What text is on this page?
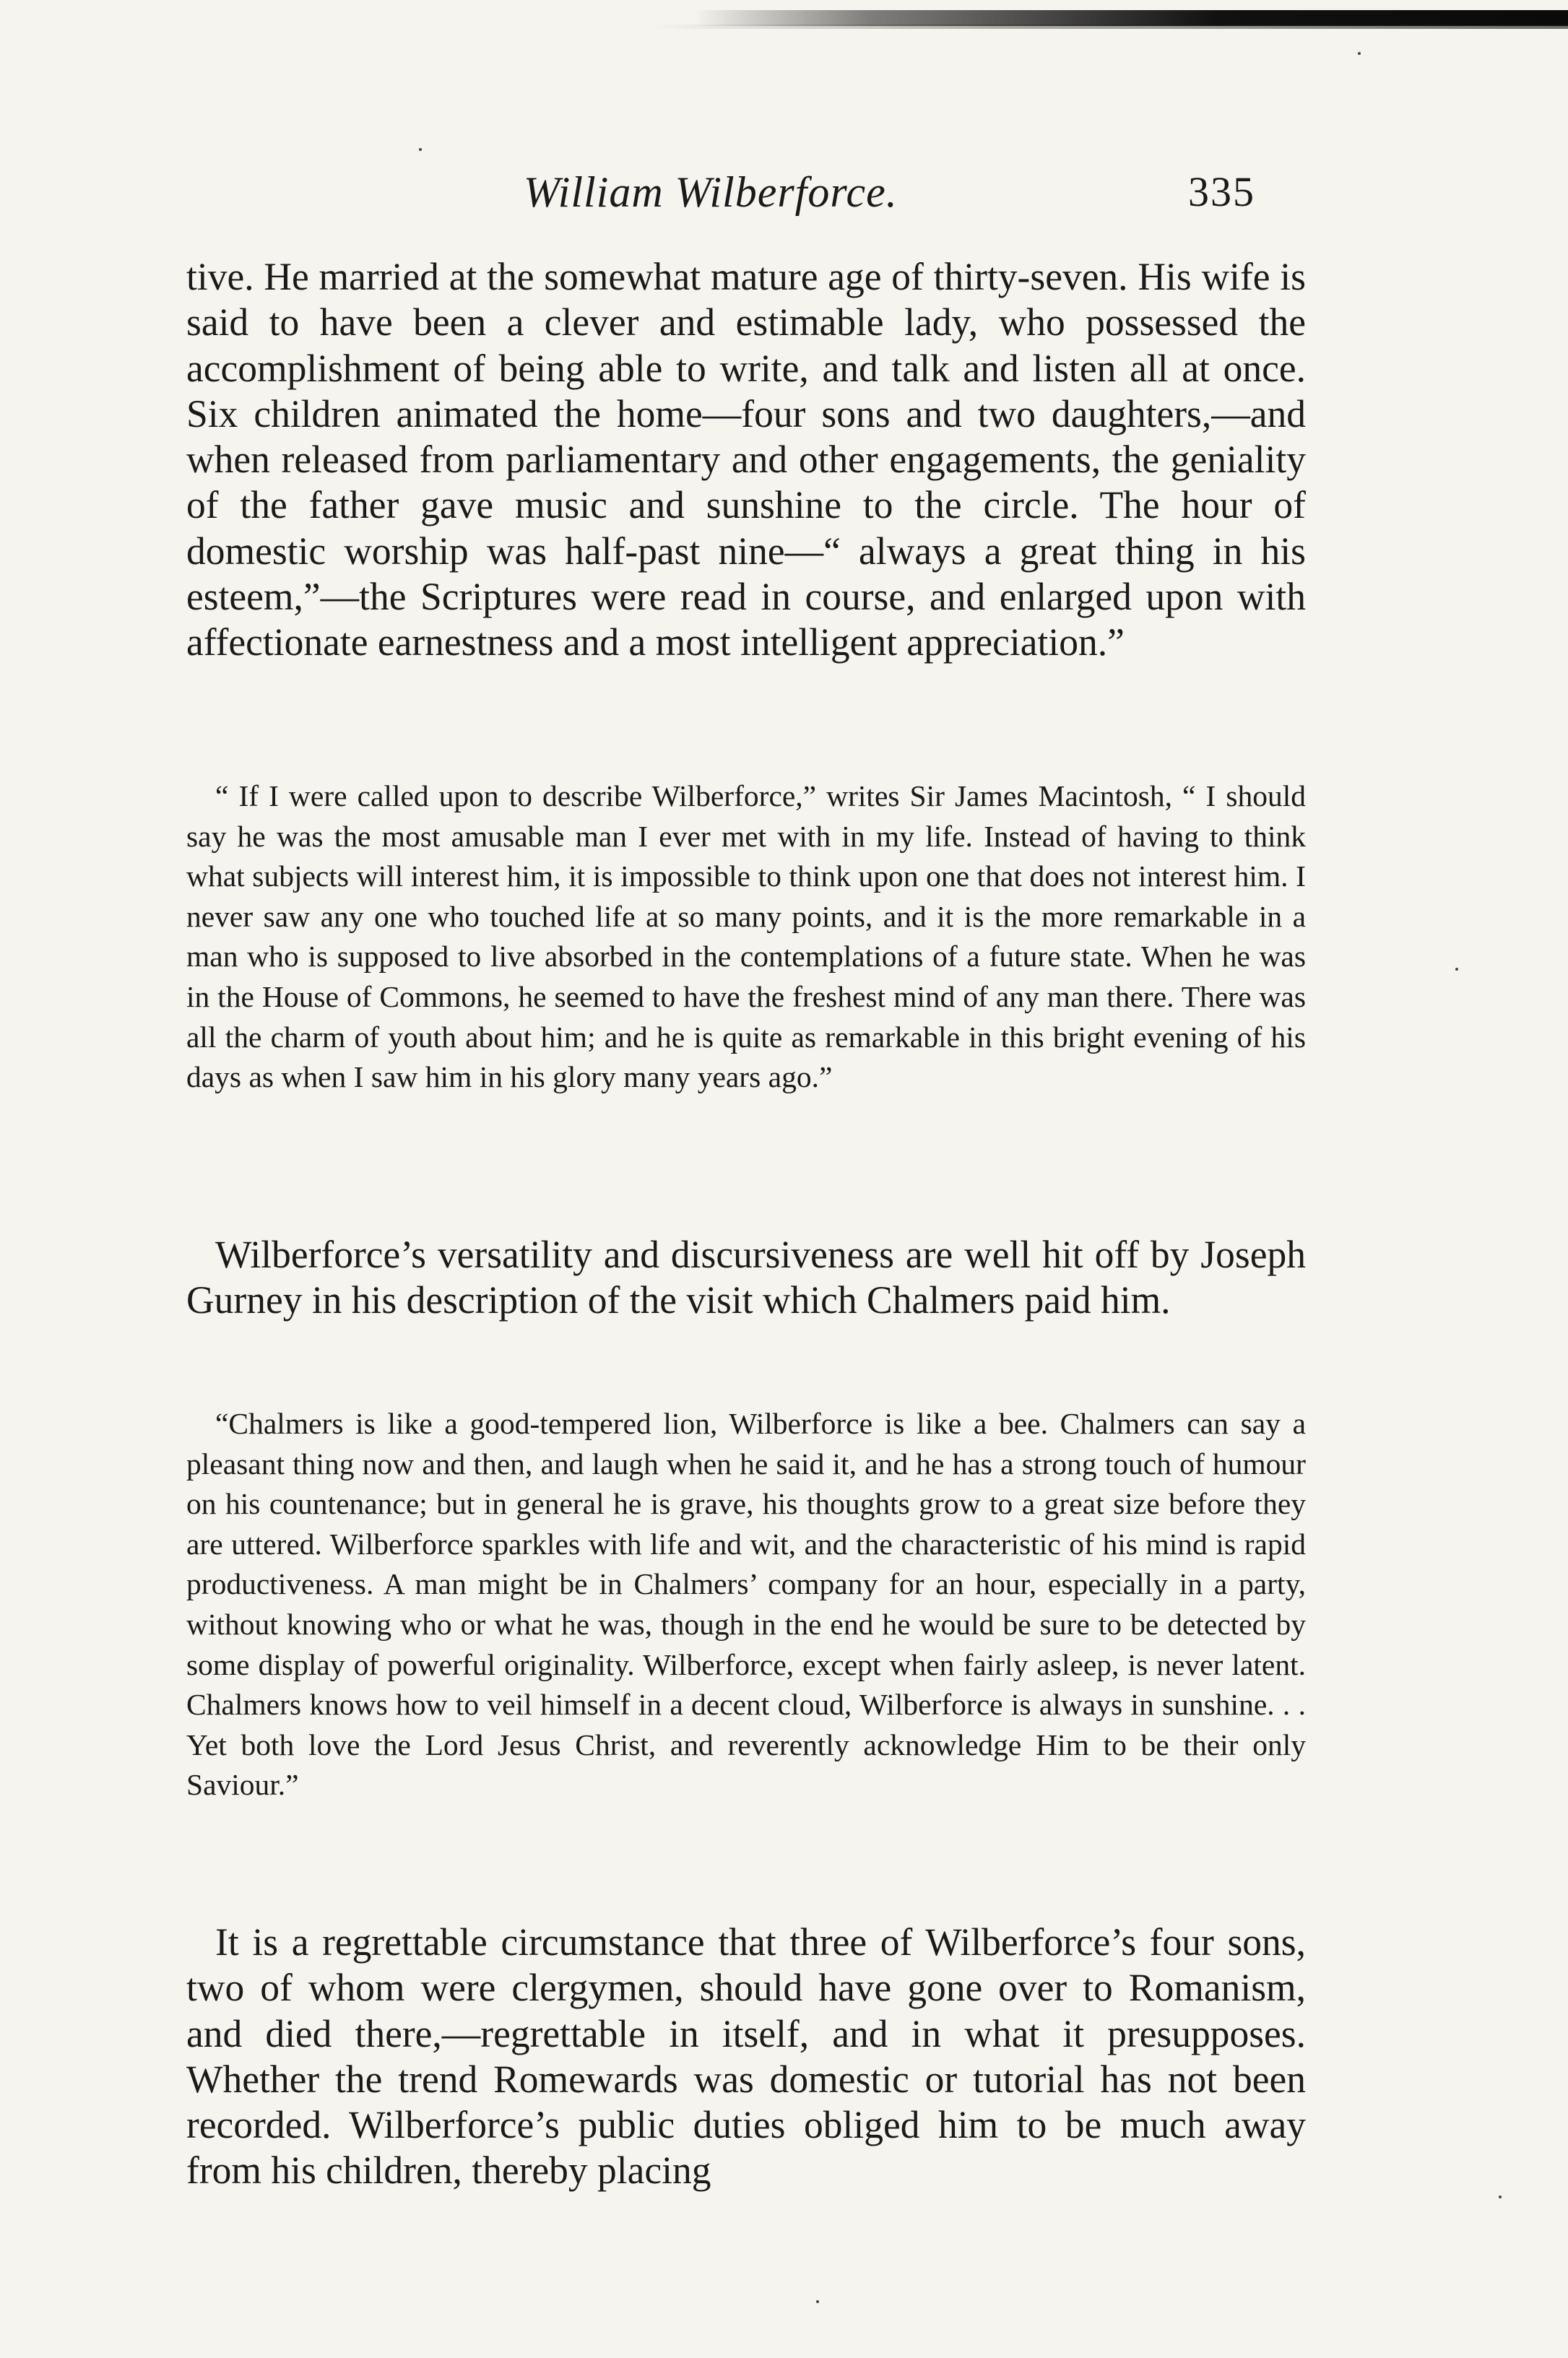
William Wilberforce.	335

tive. He married at the somewhat mature age of thirty-seven. His wife is said to have been a clever and estimable lady, who possessed the accomplishment of being able to write, and talk and listen all at once. Six children animated the home—four sons and two daughters,—and when released from parliamentary and other engagements, the geniality of the father gave music and sunshine to the circle. The hour of domestic worship was half-past nine—“ always a great thing in his esteem,”—the Scriptures were read in course, and enlarged upon with affectionate earnestness and a most intelligent appreciation.”

“ If I were called upon to describe Wilberforce,” writes Sir James Macintosh, “ I should say he was the most amusable man I ever met with in my life. Instead of having to think what subjects will interest him, it is impossible to think upon one that does not interest him. I never saw any one who touched life at so many points, and it is the more remarkable in a man who is supposed to live absorbed in the contemplations of a future state. When he was in the House of Commons, he seemed to have the freshest mind of any man there. There was all the charm of youth about him; and he is quite as remarkable in this bright evening of his days as when I saw him in his glory many years ago.”

Wilberforce’s versatility and discursiveness are well hit off by Joseph Gurney in his description of the visit which Chalmers paid him.

“Chalmers is like a good-tempered lion, Wilberforce is like a bee. Chalmers can say a pleasant thing now and then, and laugh when he said it, and he has a strong touch of humour on his countenance; but in general he is grave, his thoughts grow to a great size before they are uttered. Wilberforce sparkles with life and wit, and the characteristic of his mind is rapid productiveness. A man might be in Chalmers’ company for an hour, especially in a party, without knowing who or what he was, though in the end he would be sure to be detected by some display of powerful originality. Wilberforce, except when fairly asleep, is never latent. Chalmers knows how to veil himself in a decent cloud, Wilberforce is always in sunshine. . . Yet both love the Lord Jesus Christ, and reverently acknowledge Him to be their only Saviour.”

It is a regrettable circumstance that three of Wilberforce’s four sons, two of whom were clergymen, should have gone over to Romanism, and died there,—regrettable in itself, and in what it presupposes. Whether the trend Romewards was domestic or tutorial has not been recorded. Wilberforce’s public duties obliged him to be much away from his children, thereby placing
